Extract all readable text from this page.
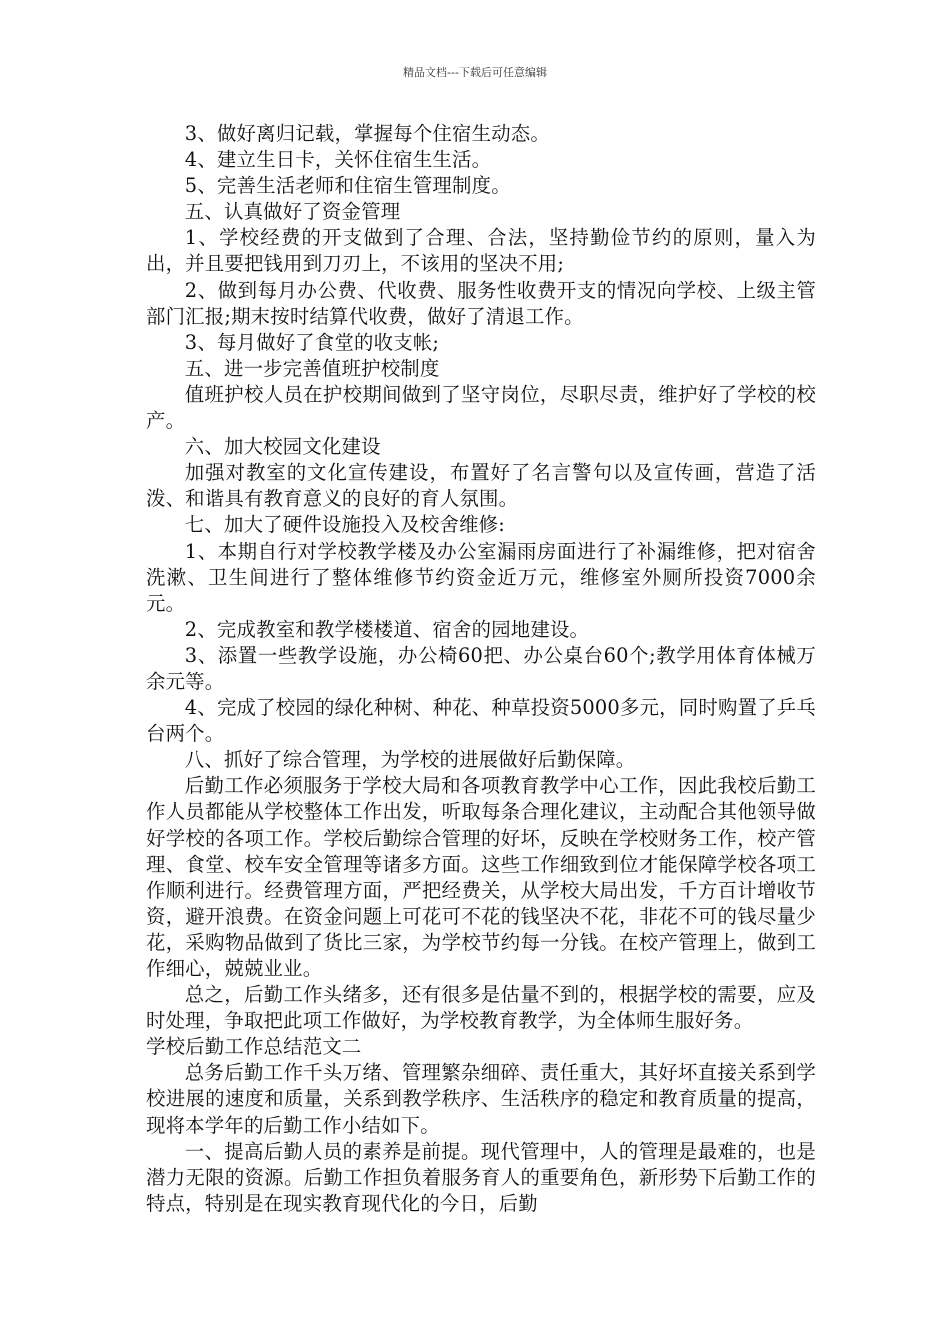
精品文档---下载后可任意编辑

3、做好离归记载，掌握每个住宿生动态。

4、建立生日卡，关怀住宿生生活。

5、完善生活老师和住宿生管理制度。

五、认真做好了资金管理

1、学校经费的开支做到了合理、合法，坚持勤俭节约的原则，量入为出，并且要把钱用到刀刃上，不该用的坚决不用;

2、做到每月办公费、代收费、服务性收费开支的情况向学校、上级主管部门汇报;期末按时结算代收费，做好了清退工作。

3、每月做好了食堂的收支帐;

五、进一步完善值班护校制度

值班护校人员在护校期间做到了坚守岗位，尽职尽责，维护好了学校的校产。

六、加大校园文化建设

加强对教室的文化宣传建设，布置好了名言警句以及宣传画，营造了活泼、和谐具有教育意义的良好的育人氛围。

七、加大了硬件设施投入及校舍维修:

1、本期自行对学校教学楼及办公室漏雨房面进行了补漏维修，把对宿舍洗漱、卫生间进行了整体维修节约资金近万元，维修室外厕所投资7000余元。

2、完成教室和教学楼楼道、宿舍的园地建设。

3、添置一些教学设施，办公椅60把、办公桌台60个;教学用体育体械万余元等。

4、完成了校园的绿化种树、种花、种草投资5000多元，同时购置了乒乓台两个。

八、抓好了综合管理，为学校的进展做好后勤保障。

后勤工作必须服务于学校大局和各项教育教学中心工作，因此我校后勤工作人员都能从学校整体工作出发，听取每条合理化建议，主动配合其他领导做好学校的各项工作。学校后勤综合管理的好坏，反映在学校财务工作，校产管理、食堂、校车安全管理等诸多方面。这些工作细致到位才能保障学校各项工作顺利进行。经费管理方面，严把经费关，从学校大局出发，千方百计增收节资，避开浪费。在资金问题上可花可不花的钱坚决不花，非花不可的钱尽量少花，采购物品做到了货比三家，为学校节约每一分钱。在校产管理上，做到工作细心，兢兢业业。

总之，后勤工作头绪多，还有很多是估量不到的，根据学校的需要，应及时处理，争取把此项工作做好，为学校教育教学，为全体师生服好务。

学校后勤工作总结范文二

总务后勤工作千头万绪、管理繁杂细碎、责任重大，其好坏直接关系到学校进展的速度和质量，关系到教学秩序、生活秩序的稳定和教育质量的提高，现将本学年的后勤工作小结如下。

一、提高后勤人员的素养是前提。现代管理中，人的管理是最难的，也是潜力无限的资源。后勤工作担负着服务育人的重要角色，新形势下后勤工作的特点，特别是在现实教育现代化的今日，后勤
